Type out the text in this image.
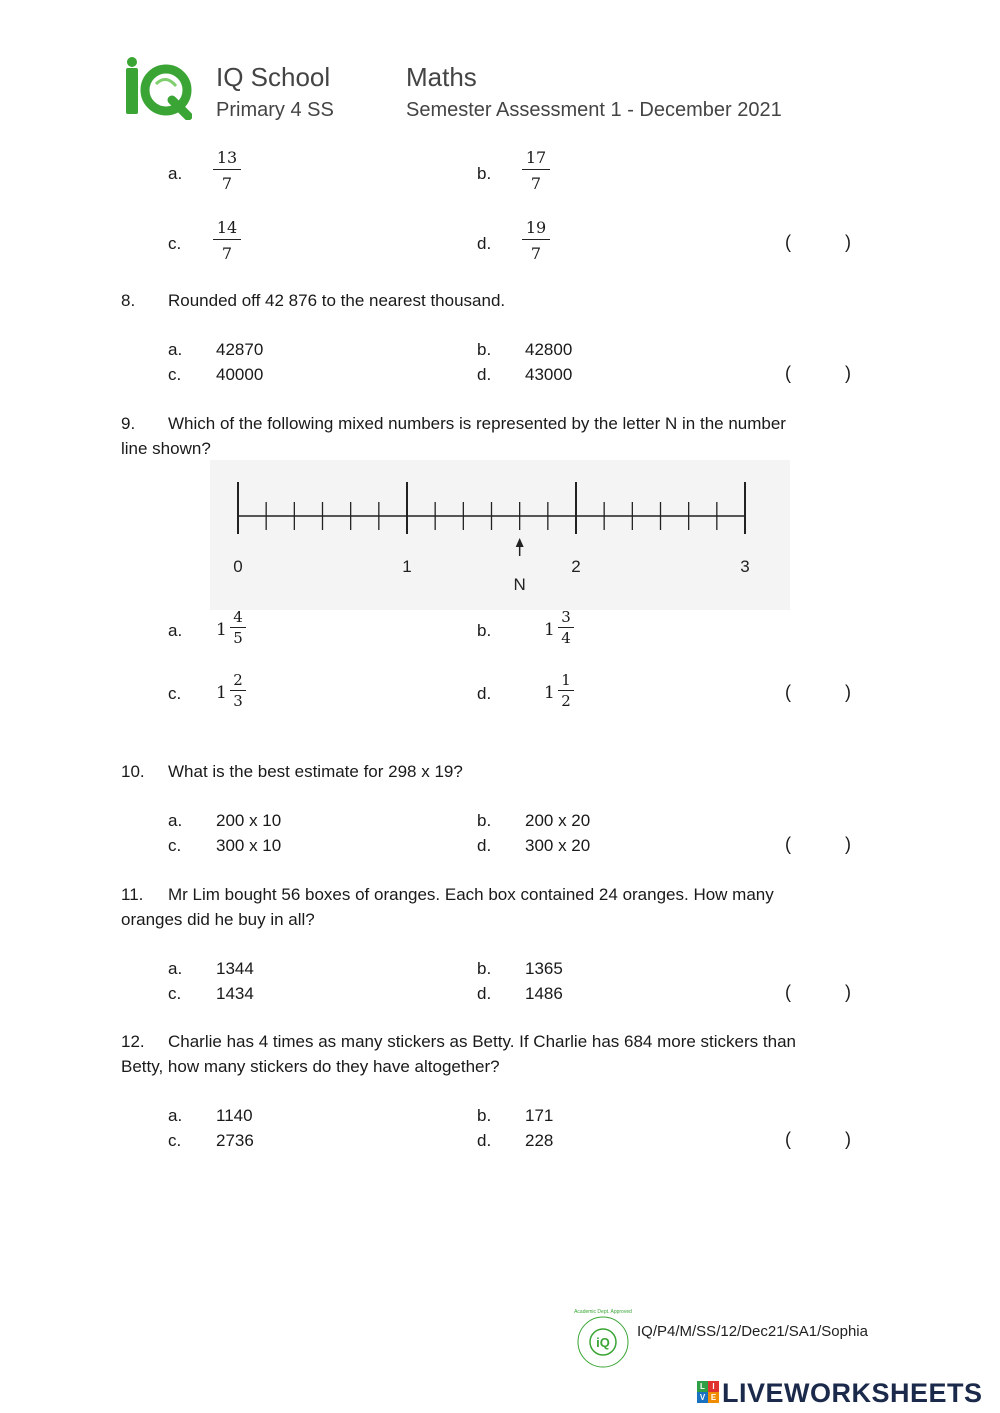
IQ School
Primary 4 SS
Maths
Semester Assessment 1 - December 2021
a. $\frac{13}{7}$	b. $\frac{17}{7}$
c. $\frac{14}{7}$	d. $\frac{19}{7}$	(	)
8. Rounded off 42 876 to the nearest thousand.
a. 42870	b. 42800
c. 40000	d. 43000	(	)
9. Which of the following mixed numbers is represented by the letter N in the number
line shown?
0	1	2	3
N
a. $1 \frac{4}{5}$	b.	$1 \frac{3}{4}$
c. $1 \frac{2}{3}$	d.	$1 \frac{1}{2}$	(	)
10. What is the best estimate for 298 x 19?
a. 200 x 10	b. 200 x 20
c. 300 x 10	d. 300 x 20	(	)
11. Mr Lim bought 56 boxes of oranges. Each box contained 24 oranges. How many
oranges did he buy in all?
a. 1344	b. 1365
c. 1434	d. 1486	(	)
12. Charlie has 4 times as many stickers as Betty. If Charlie has 684 more stickers than
Betty, how many stickers do they have altogether?
a. 1140	b. 171
c. 2736	d. 228	(	)
iQ
Academic Dept. Approved
IQ/P4/M/SS/12/Dec21/SA1/Sophia
L I
V E LIVEWORKSHEETS
